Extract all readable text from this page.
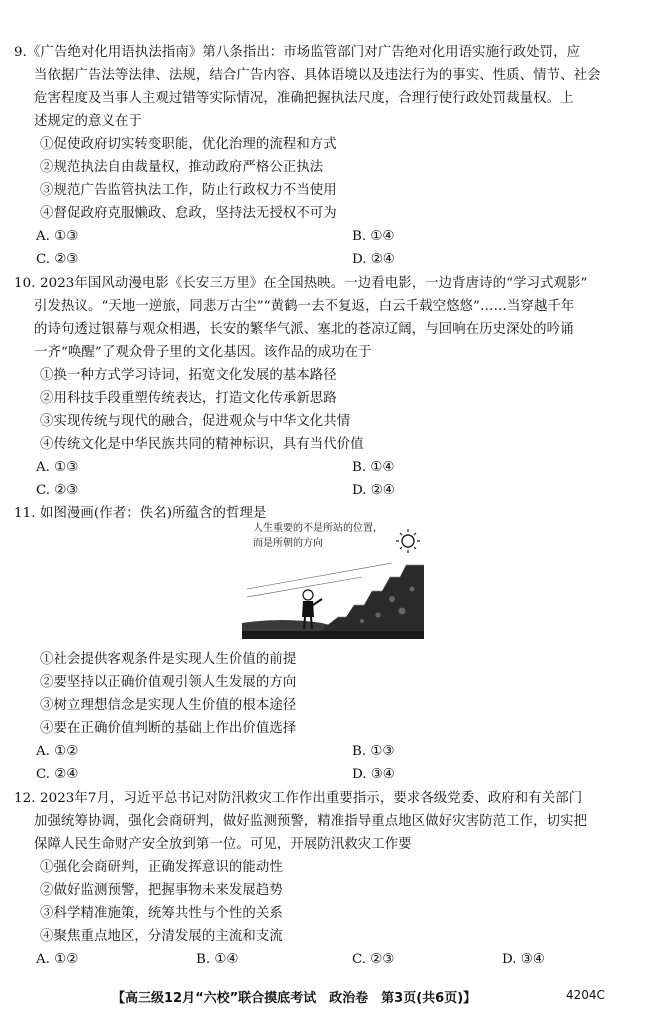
9.《广告绝对化用语执法指南》第八条指出：市场监管部门对广告绝对化用语实施行政处罚，应
当依据广告法等法律、法规，结合广告内容、具体语境以及违法行为的事实、性质、情节、社会
危害程度及当事人主观过错等实际情况，准确把握执法尺度，合理行使行政处罚裁量权。上
述规定的意义在于
①促使政府切实转变职能，优化治理的流程和方式
②规范执法自由裁量权，推动政府严格公正执法
③规范广告监管执法工作，防止行政权力不当使用
④督促政府克服懒政、怠政，坚持法无授权不可为
A. ①③	B. ①④
C. ②③	D. ②④
10. 2023年国风动漫电影《长安三万里》在全国热映。一边看电影，一边背唐诗的“学习式观影”
引发热议。“天地一逆旅，同悲万古尘”“黄鹤一去不复返，白云千载空悠悠”……当穿越千年
的诗句透过银幕与观众相遇，长安的繁华气派、塞北的苍凉辽阔，与回响在历史深处的吟诵
一齐“唤醒”了观众骨子里的文化基因。该作品的成功在于
①换一种方式学习诗词，拓宽文化发展的基本路径
②用科技手段重塑传统表达，打造文化传承新思路
③实现传统与现代的融合，促进观众与中华文化共情
④传统文化是中华民族共同的精神标识，具有当代价值
A. ①③	B. ①④
C. ②③	D. ②④
11. 如图漫画(作者：佚名)所蕴含的哲理是
人生重要的不是所站的位置，
而是所朝的方向
①社会提供客观条件是实现人生价值的前提
②要坚持以正确价值观引领人生发展的方向
③树立理想信念是实现人生价值的根本途径
④要在正确价值判断的基础上作出价值选择
A. ①②	B. ①③
C. ②④	D. ③④
12. 2023年7月，习近平总书记对防汛救灾工作作出重要指示，要求各级党委、政府和有关部门
加强统筹协调，强化会商研判，做好监测预警，精准指导重点地区做好灾害防范工作，切实把
保障人民生命财产安全放到第一位。可见，开展防汛救灾工作要
①强化会商研判，正确发挥意识的能动性
②做好监测预警，把握事物未来发展趋势
③科学精准施策，统筹共性与个性的关系
④聚焦重点地区，分清发展的主流和支流
A. ①②	B. ①④	C. ②③	D. ③④
【高三级12月“六校”联合摸底考试　政治卷　第3页(共6页)】	4204C
